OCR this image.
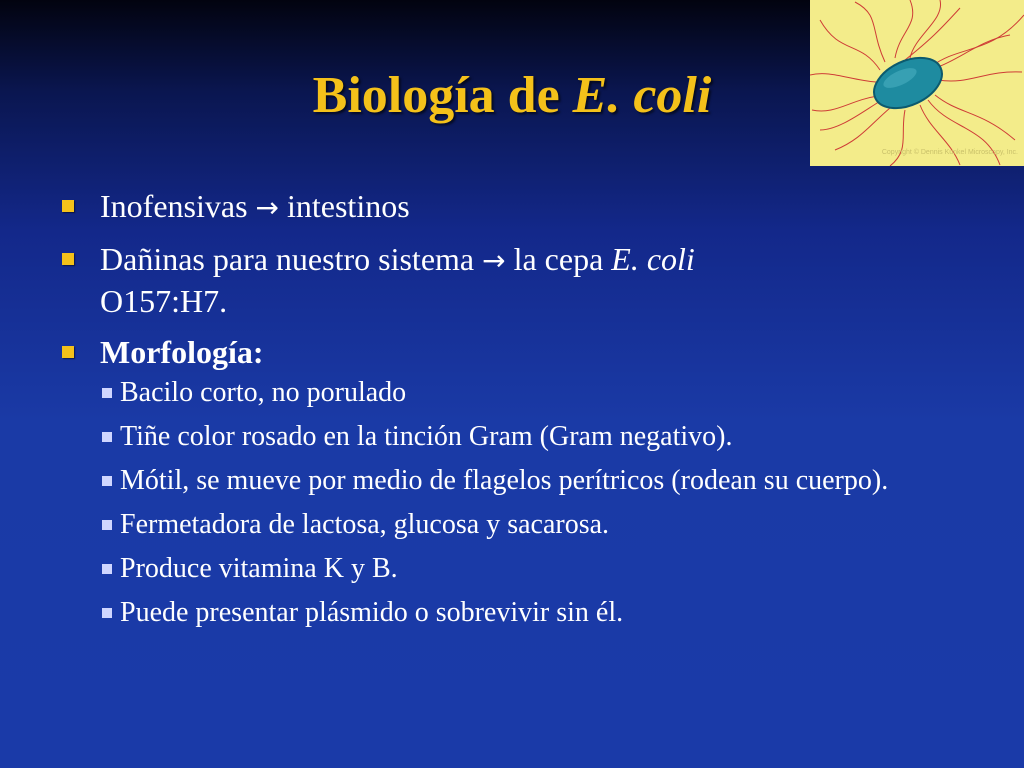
Biología de E. coli
Copyright © Dennis Kunkel Microscopy, Inc.
Inofensivas → intestinos
Dañinas para nuestro sistema → la cepa E. coli
O157:H7.
Morfología:
Bacilo corto, no porulado
Tiñe color rosado en la tinción Gram (Gram negativo).
Mótil, se mueve por medio de flagelos perítricos (rodean su cuerpo).
Fermetadora de lactosa, glucosa y sacarosa.
Produce vitamina K y B.
Puede presentar plásmido o sobrevivir sin él.
